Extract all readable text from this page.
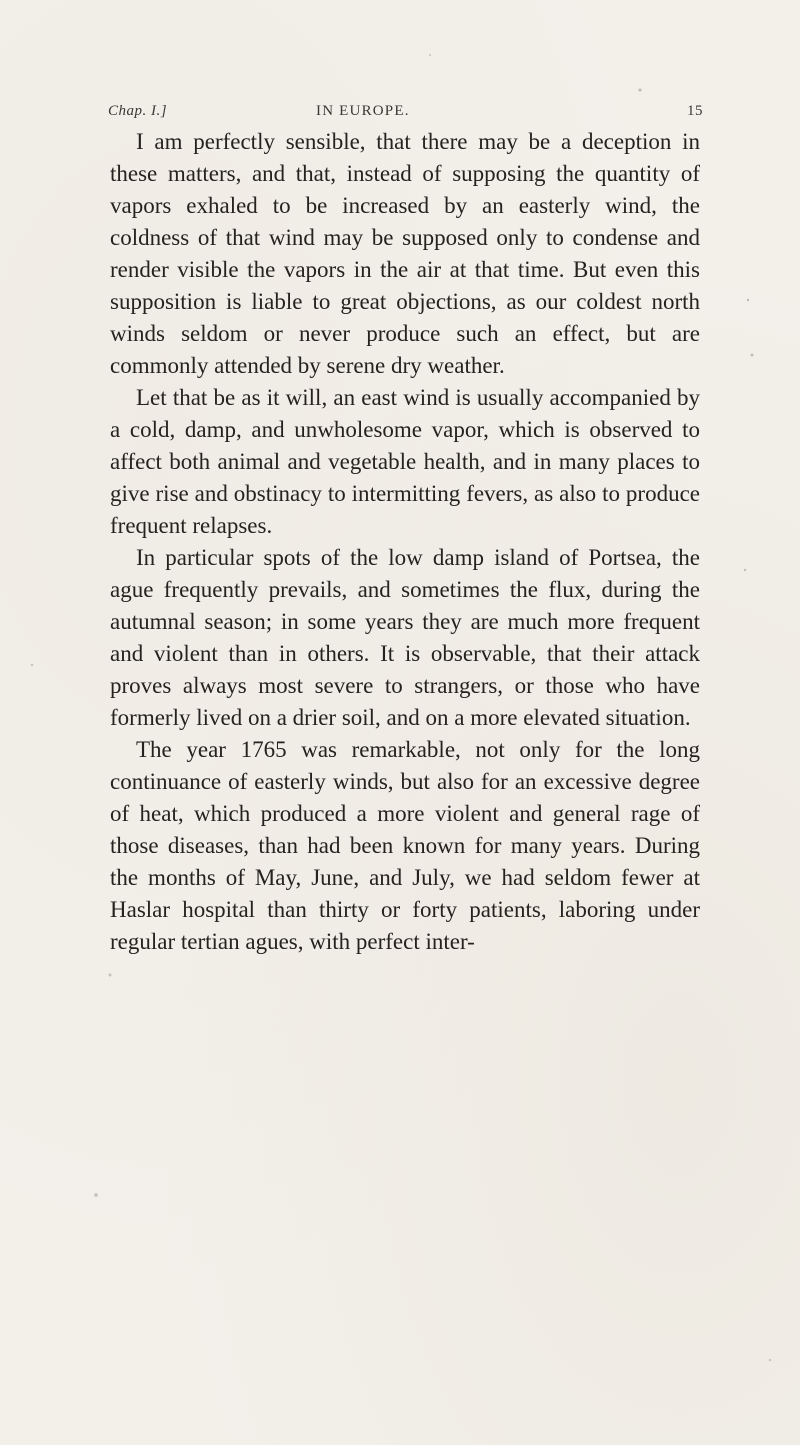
Chap. I.]	IN EUROPE.	15

I am perfectly sensible, that there may be a deception in these matters, and that, instead of supposing the quantity of vapors exhaled to be increased by an easterly wind, the coldness of that wind may be supposed only to condense and render visible the vapors in the air at that time. But even this supposition is liable to great objections, as our coldest north winds seldom or never produce such an effect, but are commonly attended by serene dry weather.

Let that be as it will, an east wind is usually accompanied by a cold, damp, and unwholesome vapor, which is observed to affect both animal and vegetable health, and in many places to give rise and obstinacy to intermitting fevers, as also to produce frequent relapses.

In particular spots of the low damp island of Portsea, the ague frequently prevails, and sometimes the flux, during the autumnal season; in some years they are much more frequent and violent than in others. It is observable, that their attack proves always most severe to strangers, or those who have formerly lived on a drier soil, and on a more elevated situation.

The year 1765 was remarkable, not only for the long continuance of easterly winds, but also for an excessive degree of heat, which produced a more violent and general rage of those diseases, than had been known for many years. During the months of May, June, and July, we had seldom fewer at Haslar hospital than thirty or forty patients, laboring under regular tertian agues, with perfect inter-
